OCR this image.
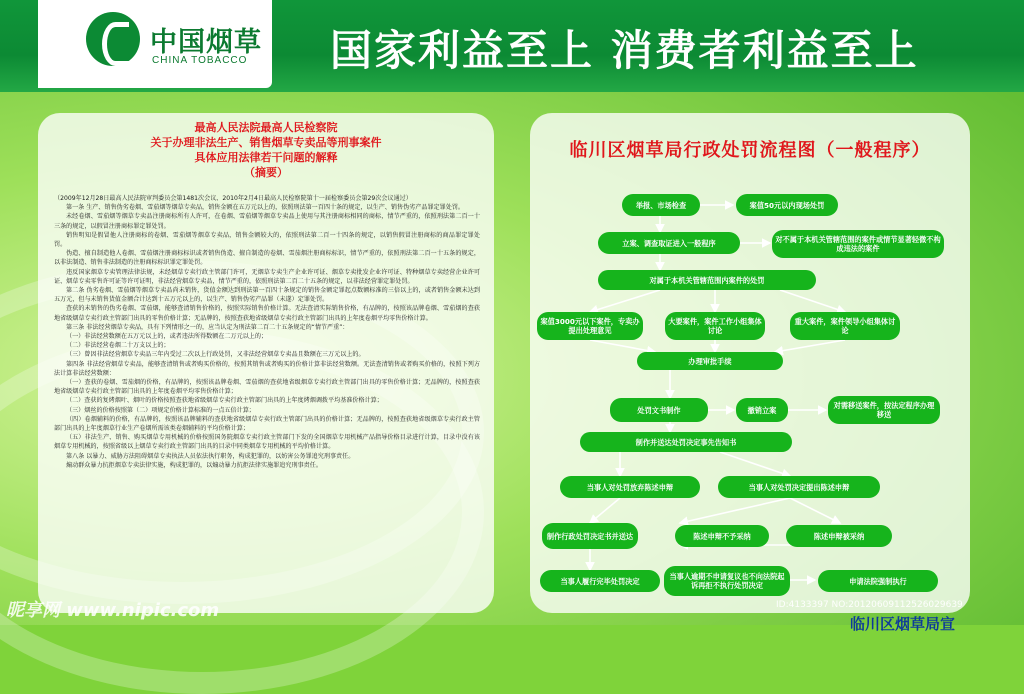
中国烟草
CHINA TOBACCO 国家利益至上 消费者利益至上
最高人民法院最高人民检察院
关于办理非法生产、销售烟草专卖品等刑事案件
具体应用法律若干问题的解释
（摘要）

（2009年12月28日最高人民法院审判委员会第1481次会议、2010年2月4日最高人民检察院第十一届检察委员会第29次会议通过）

第一条 生产、销售伪劣卷烟、雪茄烟等烟草专卖品，销售金额在五万元以上的，依照刑法第一百四十条的规定，以生产、销售伪劣产品罪定罪处罚。

未经卷烟、雪茄烟等烟草专卖品注册商标所有人许可，在卷烟、雪茄烟等烟草专卖品上使用与其注册商标相同的商标，情节严重的，依照刑法第二百一十三条的规定，以假冒注册商标罪定罪处罚。

销售明知是假冒他人注册商标的卷烟、雪茄烟等烟草专卖品，销售金额较大的，依照刑法第二百一十四条的规定，以销售假冒注册商标的商品罪定罪处罚。

伪造、擅自制造他人卷烟、雪茄烟注册商标标识或者销售伪造、擅自制造的卷烟、雪茄烟注册商标标识，情节严重的，依照刑法第二百一十五条的规定，以非法制造、销售非法制造的注册商标标识罪定罪处罚。

违反国家烟草专卖管理法律法规，未经烟草专卖行政主管部门许可，无烟草专卖生产企业许可证、烟草专卖批发企业许可证、特种烟草专卖经营企业许可证、烟草专卖零售许可证等许可证明，非法经营烟草专卖品，情节严重的，依照刑法第二百二十五条的规定，以非法经营罪定罪处罚。

第二条 伪劣卷烟、雪茄烟等烟草专卖品尚未销售，货值金额达到刑法第一百四十条规定的销售金额定罪起点数额标准的三倍以上的，或者销售金额未达到五万元，但与未销售货值金额合计达到十五万元以上的，以生产、销售伪劣产品罪（未遂）定罪处罚。

查获的未销售的伪劣卷烟、雪茄烟，能够查清销售价格的，按照实际销售价格计算。无法查清实际销售价格，有品牌的，按照该品牌卷烟、雪茄烟的查获地省级烟草专卖行政主管部门出具的零售价格计算；无品牌的，按照查获地省级烟草专卖行政主管部门出具的上年度卷烟平均零售价格计算。

第三条 非法经营烟草专卖品，具有下列情形之一的，应当认定为刑法第二百二十五条规定的“情节严重”：

（一）非法经营数额在五万元以上的，或者违法所得数额在二万元以上的；

（二）非法经营卷烟二十万支以上的；

（三）曾因非法经营烟草专卖品三年内受过二次以上行政处罚，又非法经营烟草专卖品且数额在三万元以上的。

第四条 非法经营烟草专卖品，能够查清销售或者购买价格的，按照其销售或者购买的价格计算非法经营数额。无法查清销售或者购买价格的，按照下列方法计算非法经营数额：

（一）查获的卷烟、雪茄烟的价格，有品牌的，按照该品牌卷烟、雪茄烟的查获地省级烟草专卖行政主管部门出具的零售价格计算；无品牌的，按照查获地省级烟草专卖行政主管部门出具的上年度卷烟平均零售价格计算；

（二）查获的复烤烟叶、烟叶的价格按照查获地省级烟草专卖行政主管部门出具的上年度烤烟调拨平均基准价格计算；

（三）烟丝的价格按照第（二）项规定价格计算标准的一点五倍计算；

（四）卷烟辅料的价格，有品牌的，按照该品牌辅料的查获地省级烟草专卖行政主管部门出具的价格计算；无品牌的，按照查获地省级烟草专卖行政主管部门出具的上年度烟草行业生产卷烟所需该类卷烟辅料的平均价格计算；

（五）非法生产、销售、购买烟草专用机械的价格按照国务院烟草专卖行政主管部门下发的全国烟草专用机械产品指导价格目录进行计算，目录中没有该烟草专用机械的，按照省级以上烟草专卖行政主管部门出具的目录中同类烟草专用机械的平均价格计算。

第八条 以暴力、威胁方法阻碍烟草专卖执法人员依法执行职务，构成犯罪的，以妨害公务罪追究刑事责任。

煽动群众暴力抗拒烟草专卖法律实施，构成犯罪的，以煽动暴力抗拒法律实施罪追究刑事责任。

临川区烟草局行政处罚流程图（一般程序）
举报、市场检查	案值50元以内现场处罚
立案、调查取证进入一般程序	对不属于本机关管辖范围的案件或情节显著轻微不构成违法的案件
对属于本机关管辖范围内案件的处罚
案值3000元以下案件，专卖办提出处理意见
大要案件，案件工作小组集体讨论
重大案件，案件领导小组集体讨论
办理审批手续
处罚文书制作	撤销立案	对需移送案件，按法定程序办理移送
制作并送达处罚决定事先告知书
当事人对处罚放弃陈述申辩	当事人对处罚决定提出陈述申辩
制作行政处罚决定书并送达	陈述申辩不予采纳	陈述申辩被采纳
当事人履行完毕处罚决定	当事人逾期不申请复议也不向法院起诉再拒不执行处罚决定	申请法院强制执行
昵享网 www.nipic.com	ID:4133397 NO:20120609112526029639
临川区烟草局宣
